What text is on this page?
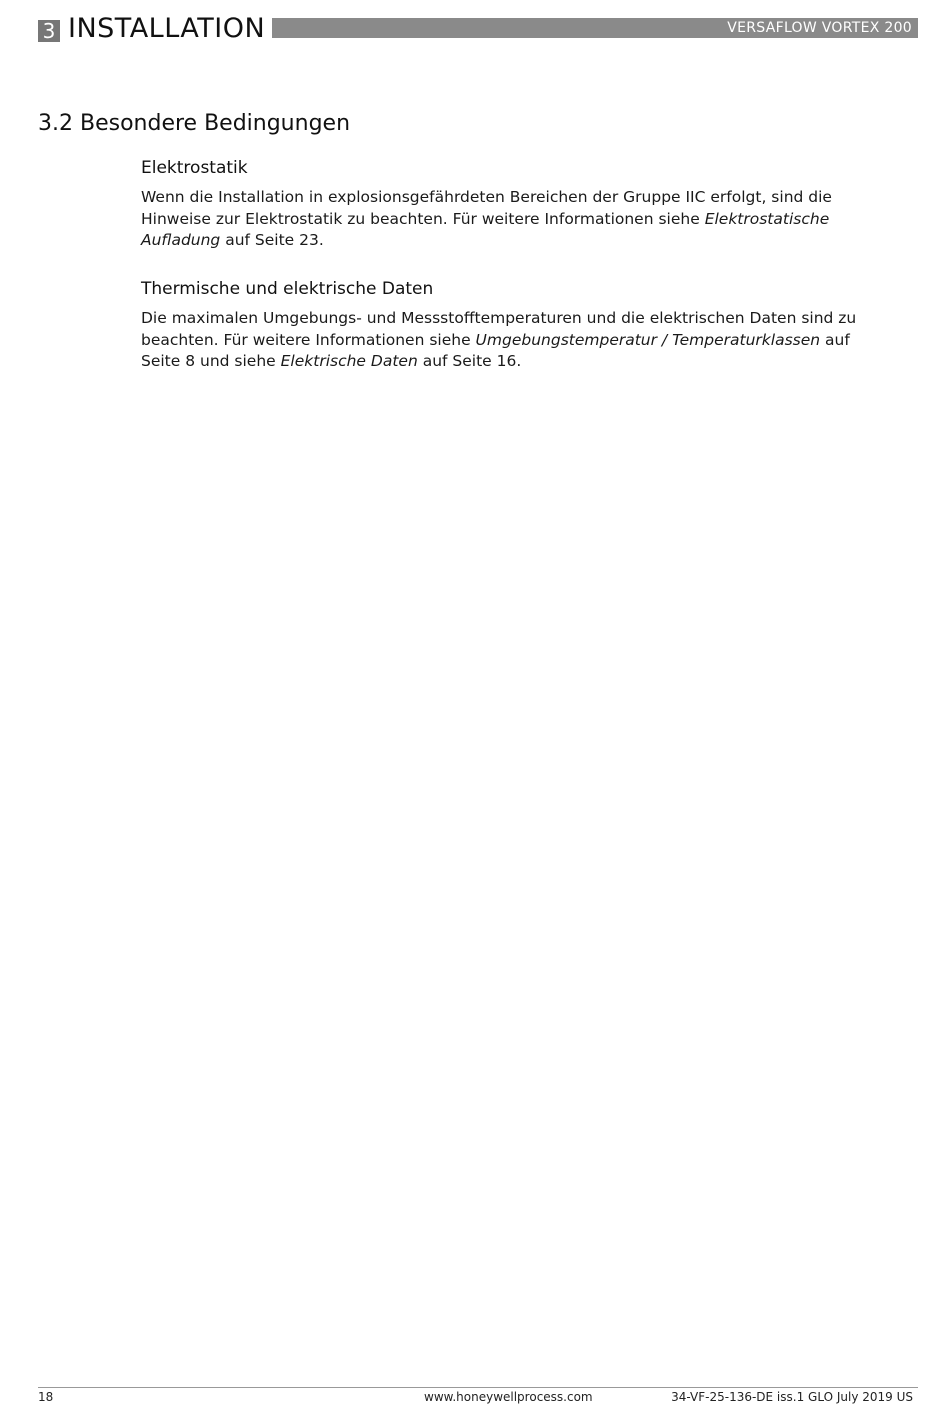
3 INSTALLATION	VERSAFLOW VORTEX 200
3.2 Besondere Bedingungen
Elektrostatik

Wenn die Installation in explosionsgefährdeten Bereichen der Gruppe IIC erfolgt, sind die Hinweise zur Elektrostatik zu beachten. Für weitere Informationen siehe Elektrostatische Aufladung auf Seite 23.

Thermische und elektrische Daten

Die maximalen Umgebungs- und Messstofftemperaturen und die elektrischen Daten sind zu beachten. Für weitere Informationen siehe Umgebungstemperatur / Temperaturklassen auf Seite 8 und siehe Elektrische Daten auf Seite 16.

18	www.honeywellprocess.com	34-VF-25-136-DE iss.1 GLO July 2019 US
